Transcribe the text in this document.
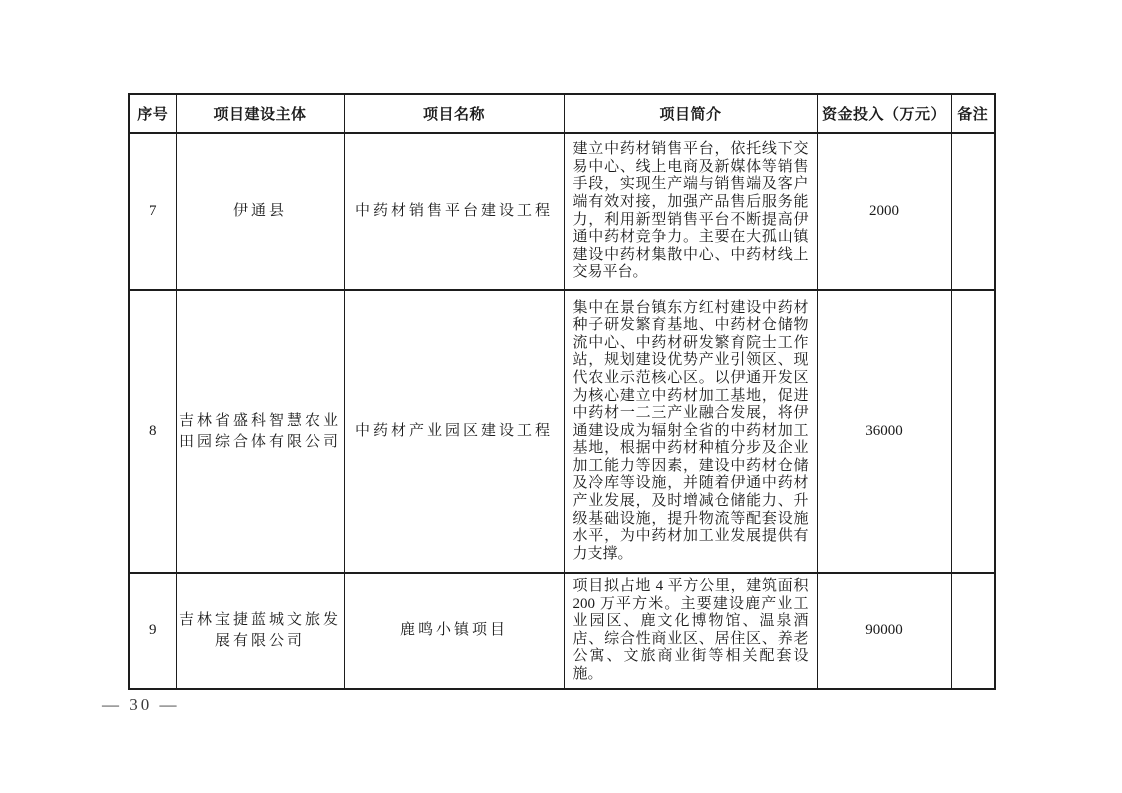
序号	项目建设主体	项目名称	项目简介	资金投入（万元）	备注
7	伊通县	中药材销售平台建设工程	建立中药材销售平台，依托线下交易中心、线上电商及新媒体等销售手段，实现生产端与销售端及客户端有效对接，加强产品售后服务能力，利用新型销售平台不断提高伊通中药材竞争力。主要在大孤山镇建设中药材集散中心、中药材线上交易平台。	2000	
8	吉林省盛科智慧农业田园综合体有限公司	中药材产业园区建设工程	集中在景台镇东方红村建设中药材种子研发繁育基地、中药材仓储物流中心、中药材研发繁育院士工作站，规划建设优势产业引领区、现代农业示范核心区。以伊通开发区为核心建立中药材加工基地，促进中药材一二三产业融合发展，将伊通建设成为辐射全省的中药材加工基地，根据中药材种植分步及企业加工能力等因素，建设中药材仓储及冷库等设施，并随着伊通中药材产业发展，及时增减仓储能力、升级基础设施，提升物流等配套设施水平，为中药材加工业发展提供有力支撑。	36000	
9	吉林宝捷蓝城文旅发展有限公司	鹿鸣小镇项目	项目拟占地 4 平方公里，建筑面积 200 万平方米。主要建设鹿产业工业园区、鹿文化博物馆、温泉酒店、综合性商业区、居住区、养老公寓、文旅商业街等相关配套设施。	90000	
— 30 —
